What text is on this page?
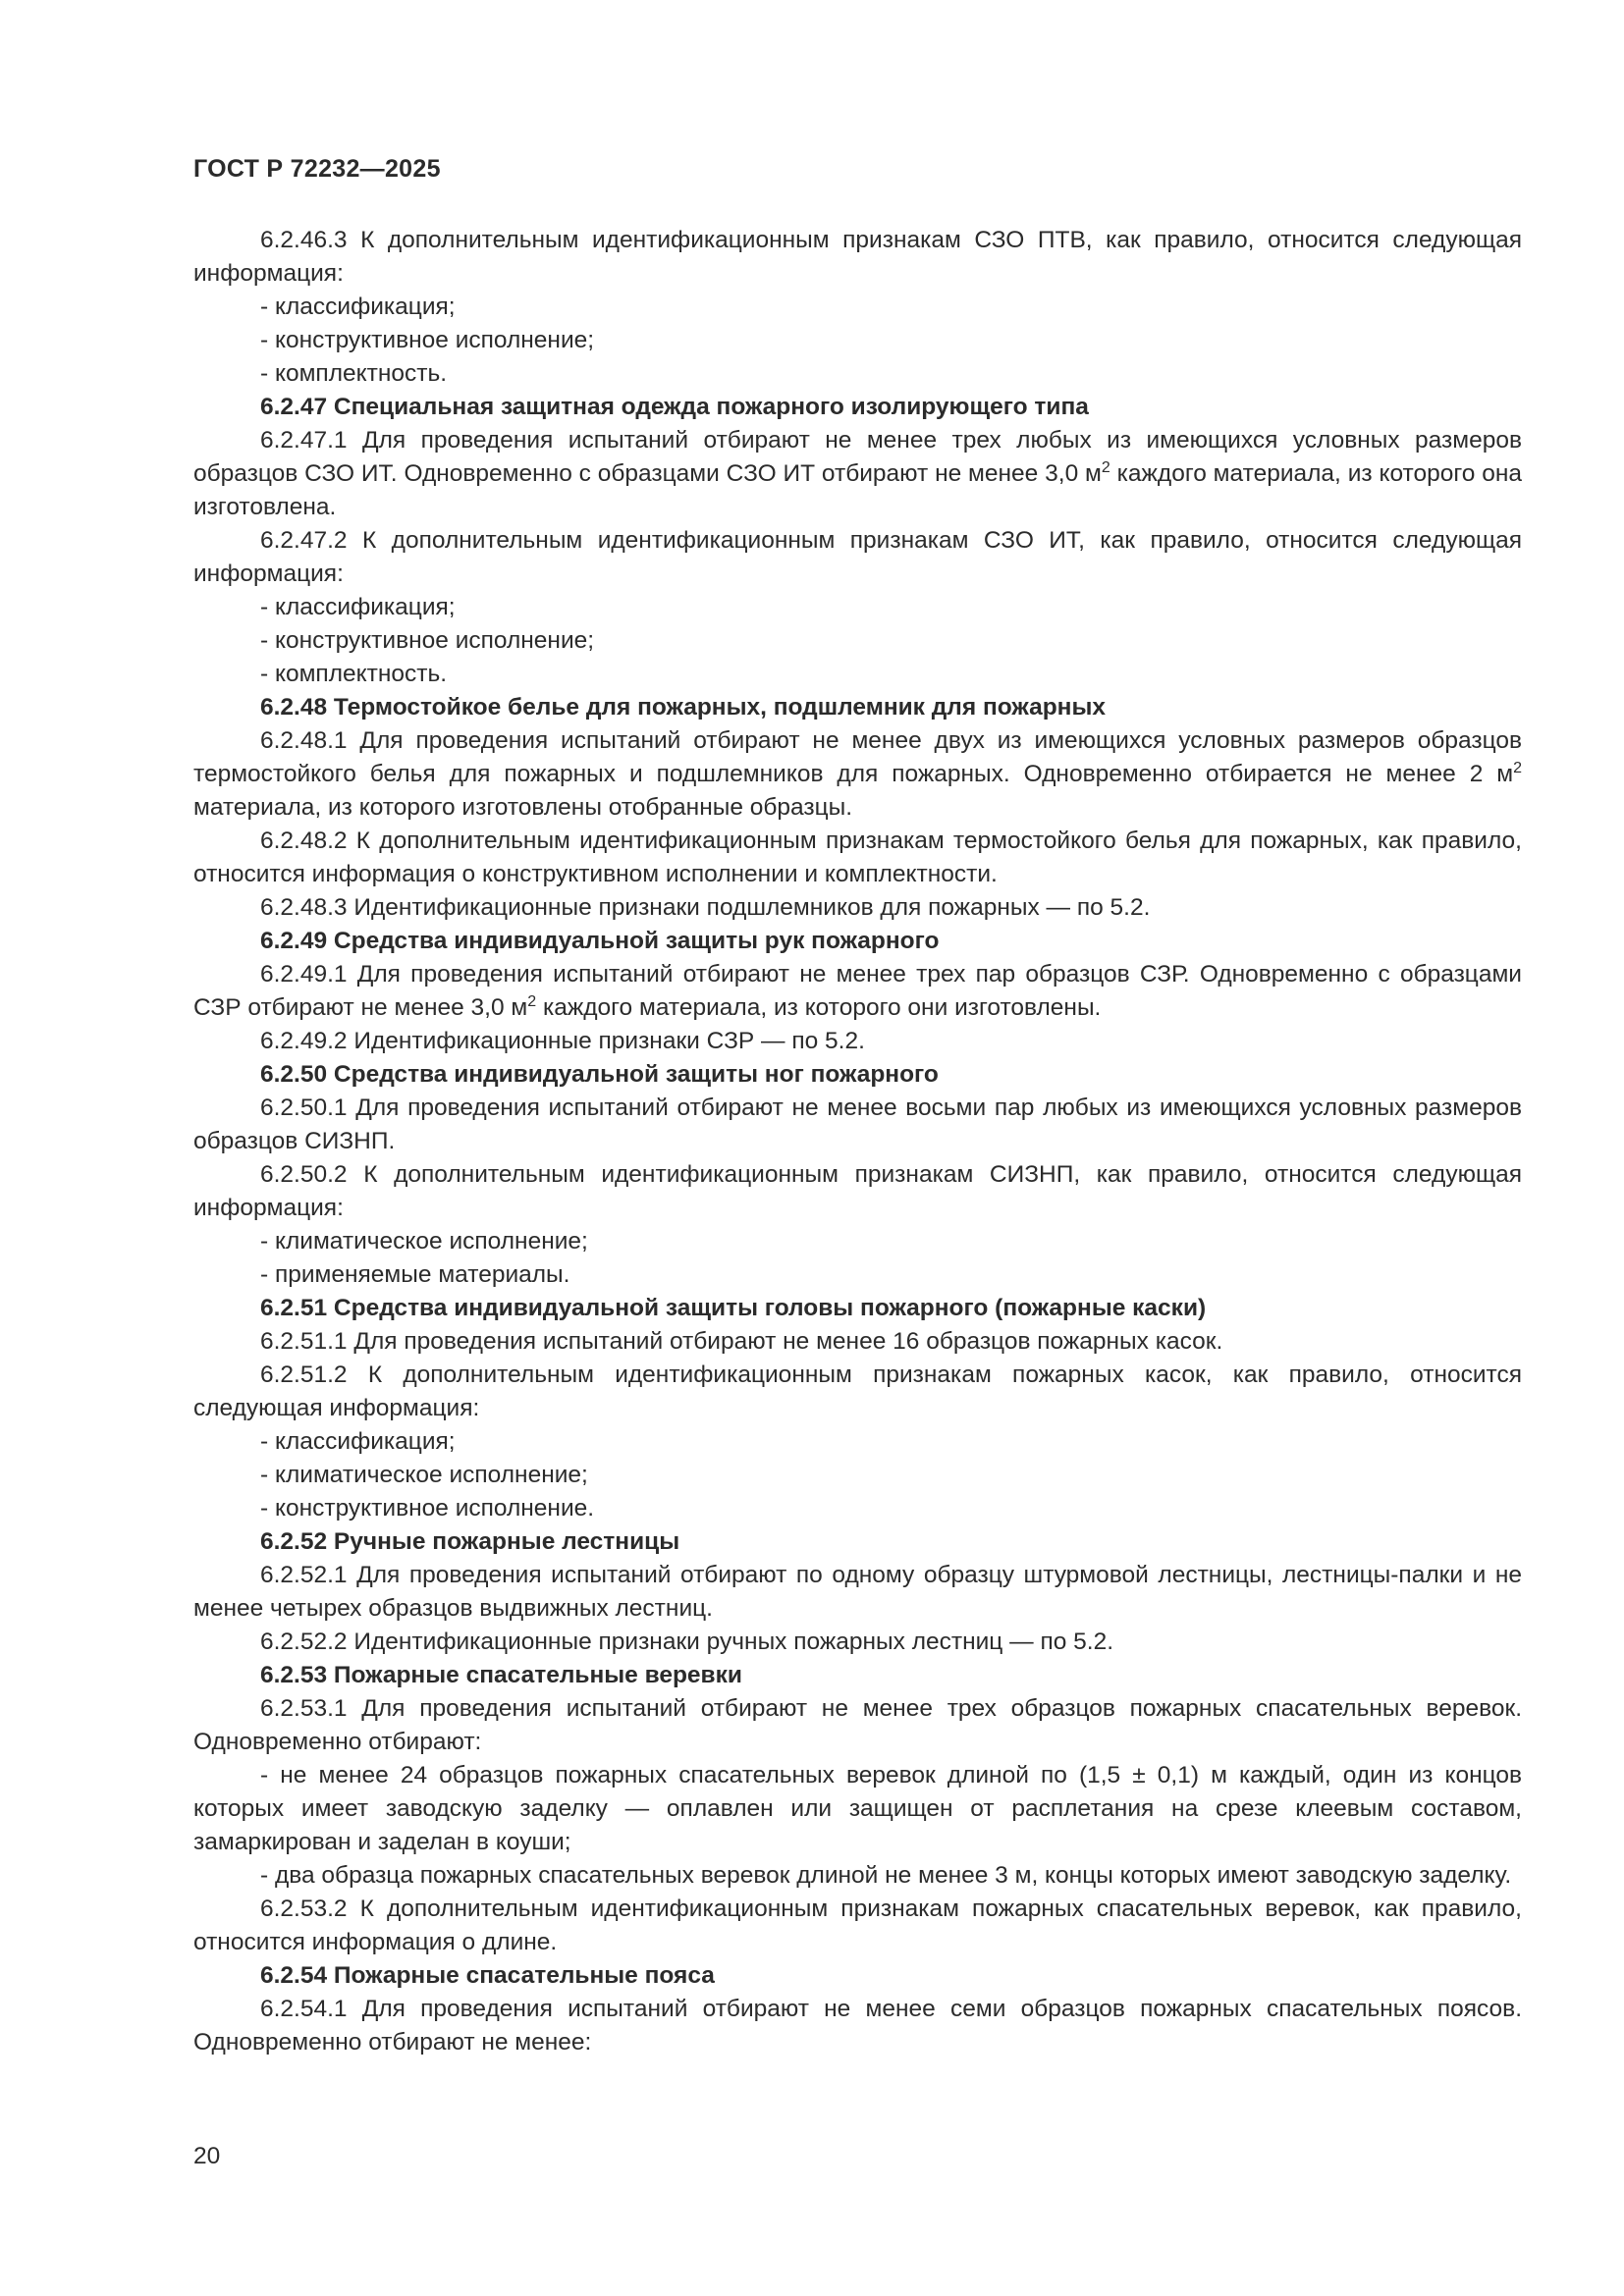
ГОСТ Р 72232—2025
6.2.46.3 К дополнительным идентификационным признакам СЗО ПТВ, как правило, относится следующая информация:
- классификация;
- конструктивное исполнение;
- комплектность.
6.2.47 Специальная защитная одежда пожарного изолирующего типа
6.2.47.1 Для проведения испытаний отбирают не менее трех любых из имеющихся условных размеров образцов СЗО ИТ. Одновременно с образцами СЗО ИТ отбирают не менее 3,0 $м^2$ каждого материала, из которого она изготовлена.
6.2.47.2 К дополнительным идентификационным признакам СЗО ИТ, как правило, относится следующая информация:
- классификация;
- конструктивное исполнение;
- комплектность.
6.2.48 Термостойкое белье для пожарных, подшлемник для пожарных
6.2.48.1 Для проведения испытаний отбирают не менее двух из имеющихся условных размеров образцов термостойкого белья для пожарных и подшлемников для пожарных. Одновременно отбирается не менее 2 $м^2$ материала, из которого изготовлены отобранные образцы.
6.2.48.2 К дополнительным идентификационным признакам термостойкого белья для пожарных, как правило, относится информация о конструктивном исполнении и комплектности.
6.2.48.3 Идентификационные признаки подшлемников для пожарных — по 5.2.
6.2.49 Средства индивидуальной защиты рук пожарного
6.2.49.1 Для проведения испытаний отбирают не менее трех пар образцов СЗР. Одновременно с образцами СЗР отбирают не менее 3,0 $м^2$ каждого материала, из которого они изготовлены.
6.2.49.2 Идентификационные признаки СЗР — по 5.2.
6.2.50 Средства индивидуальной защиты ног пожарного
6.2.50.1 Для проведения испытаний отбирают не менее восьми пар любых из имеющихся условных размеров образцов СИЗНП.
6.2.50.2 К дополнительным идентификационным признакам СИЗНП, как правило, относится следующая информация:
- климатическое исполнение;
- применяемые материалы.
6.2.51 Средства индивидуальной защиты головы пожарного (пожарные каски)
6.2.51.1 Для проведения испытаний отбирают не менее 16 образцов пожарных касок.
6.2.51.2 К дополнительным идентификационным признакам пожарных касок, как правило, относится следующая информация:
- классификация;
- климатическое исполнение;
- конструктивное исполнение.
6.2.52 Ручные пожарные лестницы
6.2.52.1 Для проведения испытаний отбирают по одному образцу штурмовой лестницы, лестницы-палки и не менее четырех образцов выдвижных лестниц.
6.2.52.2 Идентификационные признаки ручных пожарных лестниц — по 5.2.
6.2.53 Пожарные спасательные веревки
6.2.53.1 Для проведения испытаний отбирают не менее трех образцов пожарных спасательных веревок. Одновременно отбирают:
- не менее 24 образцов пожарных спасательных веревок длиной по (1,5 ± 0,1) м каждый, один из концов которых имеет заводскую заделку — оплавлен или защищен от расплетания на срезе клеевым составом, замаркирован и заделан в коуши;
- два образца пожарных спасательных веревок длиной не менее 3 м, концы которых имеют заводскую заделку.
6.2.53.2 К дополнительным идентификационным признакам пожарных спасательных веревок, как правило, относится информация о длине.
6.2.54 Пожарные спасательные пояса
6.2.54.1 Для проведения испытаний отбирают не менее семи образцов пожарных спасательных поясов. Одновременно отбирают не менее:
20
